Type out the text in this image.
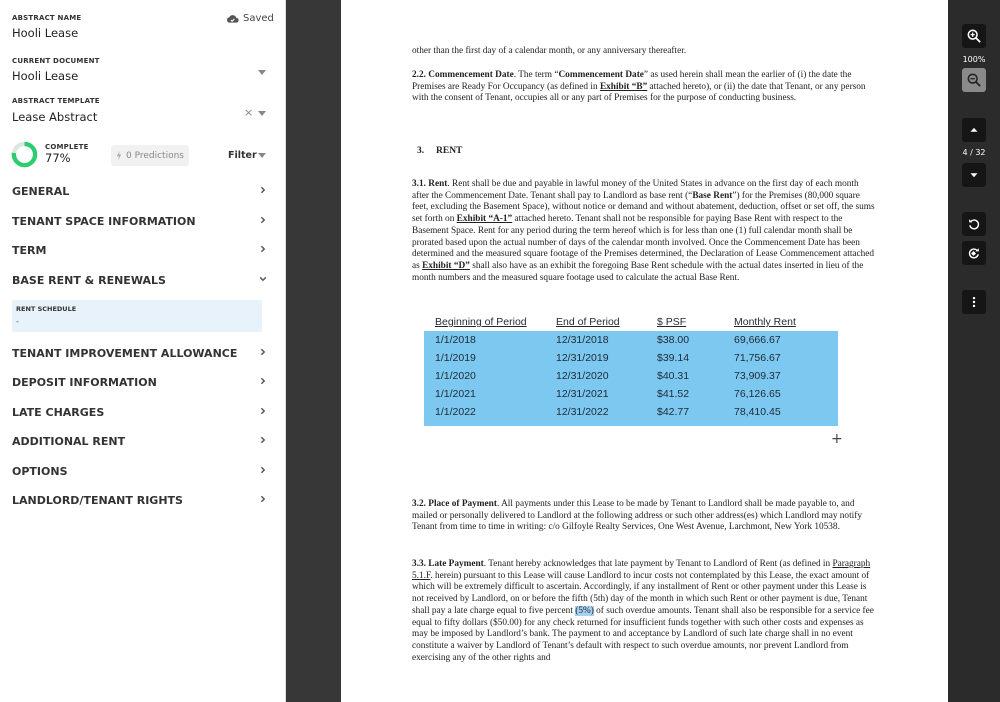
ABSTRACT NAME
Hooli Lease
Saved
CURRENT DOCUMENT
Hooli Lease
ABSTRACT TEMPLATE
Lease Abstract	×
COMPLETE
77%	0 Predictions	Filter
GENERAL
TENANT SPACE INFORMATION
TERM
BASE RENT & RENEWALS
TENANT IMPROVEMENT ALLOWANCE
DEPOSIT INFORMATION
LATE CHARGES
ADDITIONAL RENT
OPTIONS
LANDLORD/TENANT RIGHTS
RENT SCHEDULE
-
other than the first day of a calendar month, or any anniversary thereafter.
2.2. Commencement Date. The term “Commencement Date” as used herein shall mean the earlier of (i) the date the Premises are Ready For Occupancy (as defined in Exhibit “B” attached hereto), or (ii) the date that Tenant, or any person with the consent of Tenant, occupies all or any part of Premises for the purpose of conducting business.
3.     RENT
3.1. Rent. Rent shall be due and payable in lawful money of the United States in advance on the first day of each month after the Commencement Date. Tenant shall pay to Landlord as base rent (“Base Rent”) for the Premises (80,000 square feet, excluding the Basement Space), without notice or demand and without abatement, deduction, offset or set off, the sums set forth on Exhibit “A-1” attached hereto. Tenant shall not be responsible for paying Base Rent with respect to the Basement Space. Rent for any period during the term hereof which is for less than one (1) full calendar month shall be prorated based upon the actual number of days of the calendar month involved. Once the Commencement Date has been determined and the measured square footage of the Premises determined, the Declaration of Lease Commencement attached as Exhibit “D” shall also have as an exhibit the foregoing Base Rent schedule with the actual dates inserted in lieu of the month numbers and the measured square footage used to calculate the actual Base Rent.
Beginning of Period	End of Period	$ PSF	Monthly Rent
1/1/2018	12/31/2018	$38.00	69,666.67
1/1/2019	12/31/2019	$39.14	71,756.67
1/1/2020	12/31/2020	$40.31	73,909.37
1/1/2021	12/31/2021	$41.52	76,126.65
1/1/2022	12/31/2022	$42.77	78,410.45
+
3.2. Place of Payment. All payments under this Lease to be made by Tenant to Landlord shall be made payable to, and mailed or personally delivered to Landlord at the following address or such other address(es) which Landlord may notify Tenant from time to time in writing: c/o Gilfoyle Realty Services, One West Avenue, Larchmont, New York 10538.
3.3. Late Payment. Tenant hereby acknowledges that late payment by Tenant to Landlord of Rent (as defined in Paragraph 5.1.F. herein) pursuant to this Lease will cause Landlord to incur costs not contemplated by this Lease, the exact amount of which will be extremely difficult to ascertain. Accordingly, if any installment of Rent or other payment under this Lease is not received by Landlord, on or before the fifth (5th) day of the month in which such Rent or other payment is due, Tenant shall pay a late charge equal to five percent (5%) of such overdue amounts. Tenant shall also be responsible for a service fee equal to fifty dollars ($50.00) for any check returned for insufficient funds together with such other costs and expenses as may be imposed by Landlord’s bank. The payment to and acceptance by Landlord of such late charge shall in no event constitute a waiver by Landlord of Tenant’s default with respect to such overdue amounts, nor prevent Landlord from exercising any of the other rights and
100%
4 / 32
